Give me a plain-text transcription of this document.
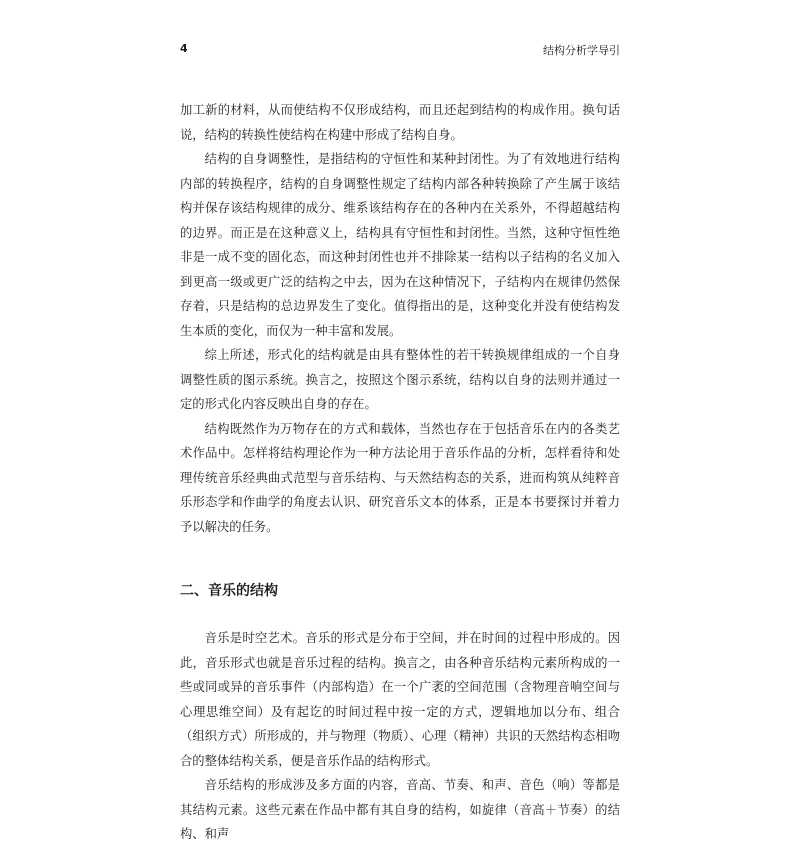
4	结构分析学导引

加工新的材料，从而使结构不仅形成结构，而且还起到结构的构成作用。换句话说，结构的转换性使结构在构建中形成了结构自身。

结构的自身调整性，是指结构的守恒性和某种封闭性。为了有效地进行结构内部的转换程序，结构的自身调整性规定了结构内部各种转换除了产生属于该结构并保存该结构规律的成分、维系该结构存在的各种内在关系外，不得超越结构的边界。而正是在这种意义上，结构具有守恒性和封闭性。当然，这种守恒性绝非是一成不变的固化态，而这种封闭性也并不排除某一结构以子结构的名义加入到更高一级或更广泛的结构之中去，因为在这种情况下，子结构内在规律仍然保存着，只是结构的总边界发生了变化。值得指出的是，这种变化并没有使结构发生本质的变化，而仅为一种丰富和发展。

综上所述，形式化的结构就是由具有整体性的若干转换规律组成的一个自身调整性质的图示系统。换言之，按照这个图示系统，结构以自身的法则并通过一定的形式化内容反映出自身的存在。

结构既然作为万物存在的方式和载体，当然也存在于包括音乐在内的各类艺术作品中。怎样将结构理论作为一种方法论用于音乐作品的分析，怎样看待和处理传统音乐经典曲式范型与音乐结构、与天然结构态的关系，进而构筑从纯粹音乐形态学和作曲学的角度去认识、研究音乐文本的体系，正是本书要探讨并着力予以解决的任务。

二、音乐的结构

音乐是时空艺术。音乐的形式是分布于空间，并在时间的过程中形成的。因此，音乐形式也就是音乐过程的结构。换言之，由各种音乐结构元素所构成的一些或同或异的音乐事件（内部构造）在一个广袤的空间范围（含物理音响空间与心理思维空间）及有起讫的时间过程中按一定的方式，逻辑地加以分布、组合（组织方式）所形成的，并与物理（物质）、心理（精神）共识的天然结构态相吻合的整体结构关系，便是音乐作品的结构形式。

音乐结构的形成涉及多方面的内容，音高、节奏、和声、音色（响）等都是其结构元素。这些元素在作品中都有其自身的结构，如旋律（音高＋节奏）的结构、和声
